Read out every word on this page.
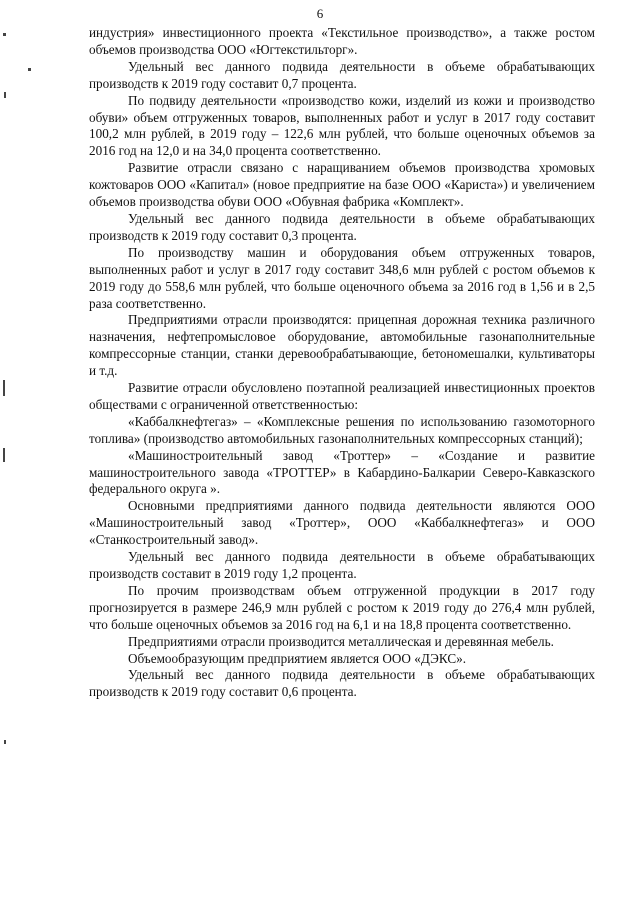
6

индустрия» инвестиционного проекта «Текстильное производство», а также ростом объемов производства ООО «Югтекстильторг».

Удельный вес данного подвида деятельности в объеме обрабатывающих производств к 2019 году составит 0,7 процента.

По подвиду деятельности «производство кожи, изделий из кожи и производство обуви» объем отгруженных товаров, выполненных работ и услуг в 2017 году составит 100,2 млн рублей, в 2019 году – 122,6 млн рублей, что больше оценочных объемов за 2016 год на 12,0 и на 34,0 процента соответственно.

Развитие отрасли связано с наращиванием объемов производства хромовых кожтоваров ООО «Капитал» (новое предприятие на базе ООО «Кариста») и увеличением объемов производства обуви ООО «Обувная фабрика «Комплект».

Удельный вес данного подвида деятельности в объеме обрабатывающих производств к 2019 году составит 0,3 процента.

По производству машин и оборудования объем отгруженных товаров, выполненных работ и услуг в 2017 году составит 348,6 млн рублей с ростом объемов к 2019 году до 558,6 млн рублей, что больше оценочного объема за 2016 год в 1,56 и в 2,5 раза соответственно.

Предприятиями отрасли производятся: прицепная дорожная техника различного назначения, нефтепромысловое оборудование, автомобильные газонаполнительные компрессорные станции, станки деревообрабатывающие, бетономешалки, культиваторы и т.д.

Развитие отрасли обусловлено поэтапной реализацией инвестиционных проектов обществами с ограниченной ответственностью:

«Каббалкнефтегаз» – «Комплексные решения по использованию газомоторного топлива» (производство автомобильных газонаполнительных компрессорных станций);

«Машиностроительный завод «Троттер» – «Создание и развитие машиностроительного завода «ТРОТТЕР» в Кабардино-Балкарии Северо-Кавказского федерального округа ».

Основными предприятиями данного подвида деятельности являются ООО «Машиностроительный завод «Троттер», ООО «Каббалкнефтегаз» и ООО «Станкостроительный завод».

Удельный вес данного подвида деятельности в объеме обрабатывающих производств составит в 2019 году 1,2 процента.

По прочим производствам объем отгруженной продукции в 2017 году прогнозируется в размере 246,9 млн рублей с ростом к 2019 году до 276,4 млн рублей, что больше оценочных объемов за 2016 год на 6,1 и на 18,8 процента соответственно.

Предприятиями отрасли производится металлическая и деревянная мебель.

Объемообразующим предприятием является ООО «ДЭКС».

Удельный вес данного подвида деятельности в объеме обрабатывающих производств к 2019 году составит 0,6 процента.
